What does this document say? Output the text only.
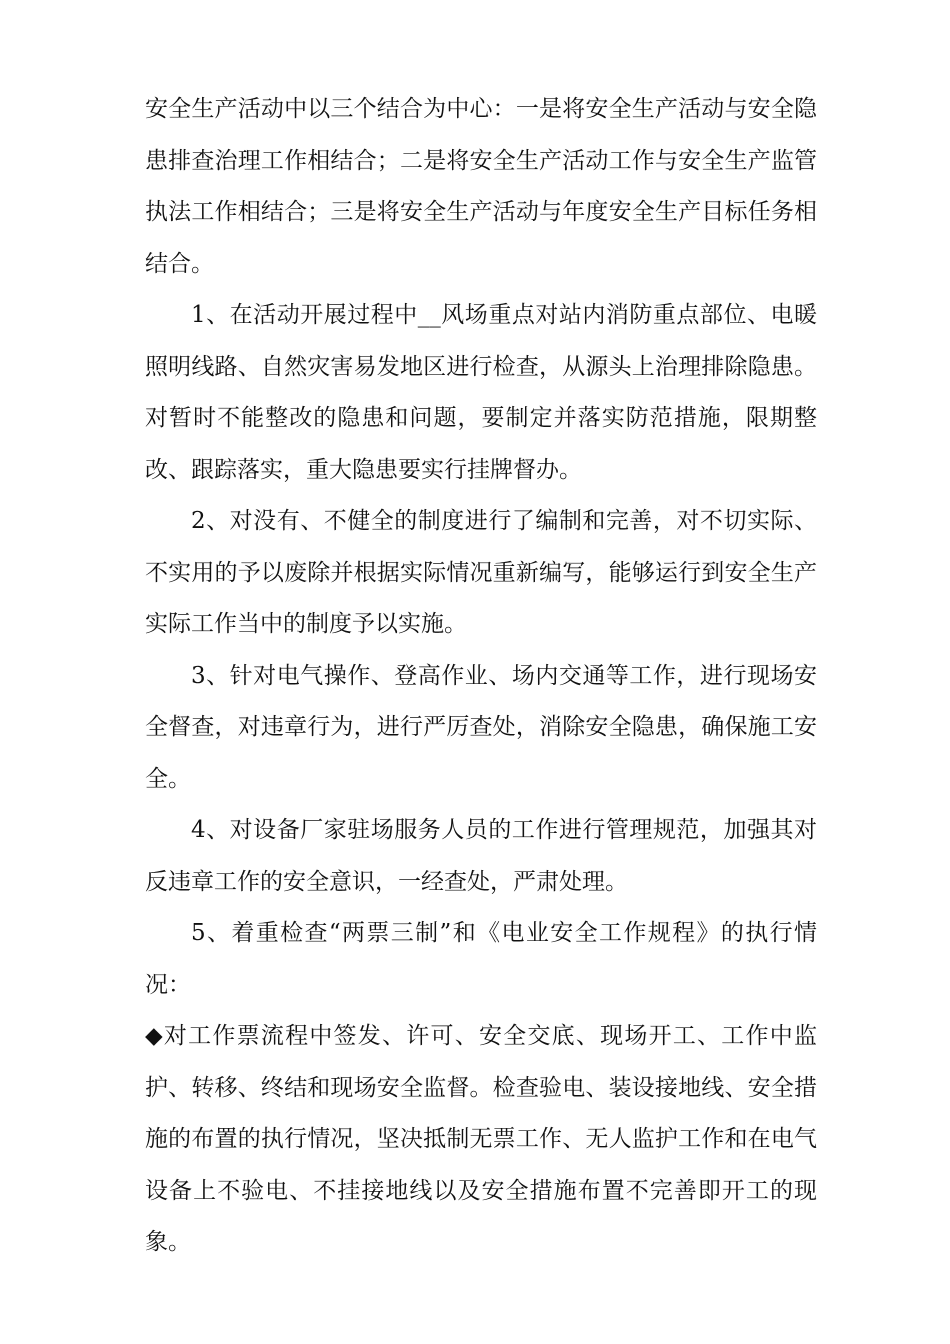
安全生产活动中以三个结合为中心：一是将安全生产活动与安全隐患排查治理工作相结合；二是将安全生产活动工作与安全生产监管执法工作相结合；三是将安全生产活动与年度安全生产目标任务相结合。

1、在活动开展过程中__风场重点对站内消防重点部位、电暖照明线路、自然灾害易发地区进行检查，从源头上治理排除隐患。对暂时不能整改的隐患和问题，要制定并落实防范措施，限期整改、跟踪落实，重大隐患要实行挂牌督办。

2、对没有、不健全的制度进行了编制和完善，对不切实际、不实用的予以废除并根据实际情况重新编写，能够运行到安全生产实际工作当中的制度予以实施。

3、针对电气操作、登高作业、场内交通等工作，进行现场安全督查，对违章行为，进行严厉查处，消除安全隐患，确保施工安全。

4、对设备厂家驻场服务人员的工作进行管理规范，加强其对反违章工作的安全意识，一经查处，严肃处理。

5、着重检查“两票三制”和《电业安全工作规程》的执行情况：

◆对工作票流程中签发、许可、安全交底、现场开工、工作中监护、转移、终结和现场安全监督。检查验电、装设接地线、安全措施的布置的执行情况，坚决抵制无票工作、无人监护工作和在电气设备上不验电、不挂接地线以及安全措施布置不完善即开工的现象。
